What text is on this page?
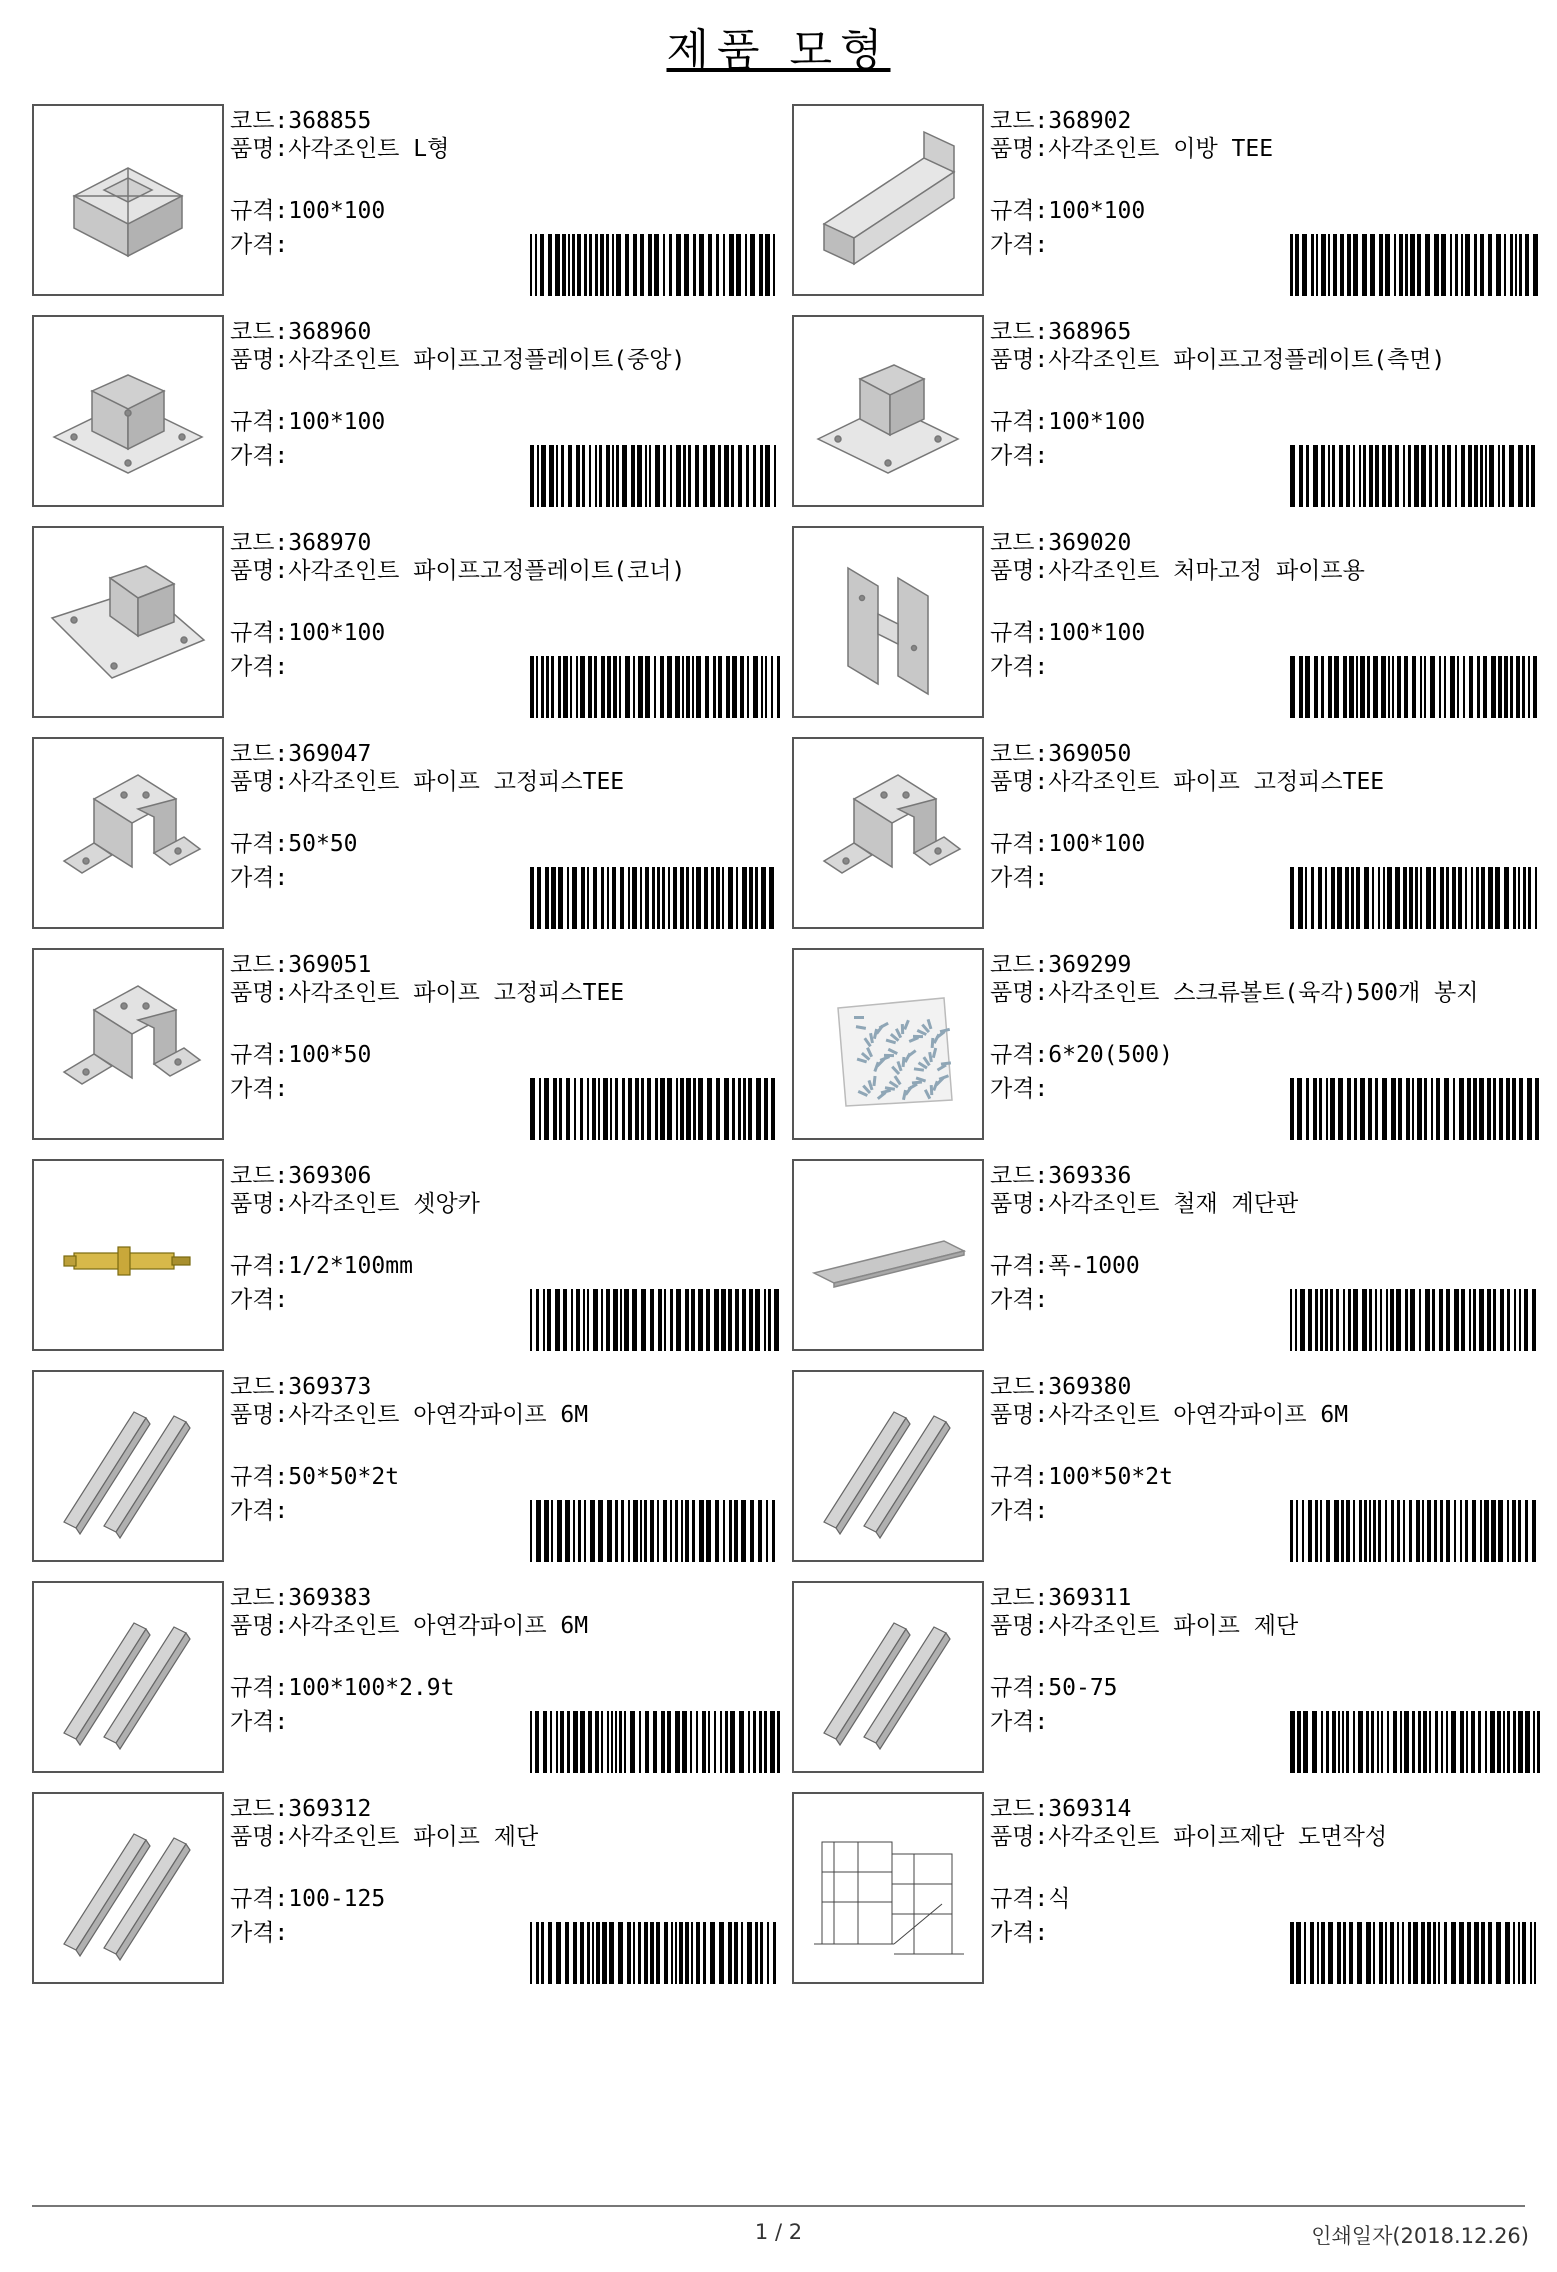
제품 모형
코드:368855
품명:사각조인트 L형
규격:100*100
가격:
코드:368902
품명:사각조인트 이방 TEE
규격:100*100
가격:
코드:368960
품명:사각조인트 파이프고정플레이트(중앙)
규격:100*100
가격:
코드:368965
품명:사각조인트 파이프고정플레이트(측면)
규격:100*100
가격:
코드:368970
품명:사각조인트 파이프고정플레이트(코너)
규격:100*100
가격:
코드:369020
품명:사각조인트 처마고정 파이프용
규격:100*100
가격:
코드:369047
품명:사각조인트 파이프 고정피스TEE
규격:50*50
가격:
코드:369050
품명:사각조인트 파이프 고정피스TEE
규격:100*100
가격:
코드:369051
품명:사각조인트 파이프 고정피스TEE
규격:100*50
가격:
코드:369299
품명:사각조인트 스크류볼트(육각)500개 봉지
규격:6*20(500)
가격:
코드:369306
품명:사각조인트 셋앙카
규격:1/2*100mm
가격:
코드:369336
품명:사각조인트 철재 계단판
규격:폭-1000
가격:
코드:369373
품명:사각조인트 아연각파이프 6M
규격:50*50*2t
가격:
코드:369380
품명:사각조인트 아연각파이프 6M
규격:100*50*2t
가격:
코드:369383
품명:사각조인트 아연각파이프 6M
규격:100*100*2.9t
가격:
코드:369311
품명:사각조인트 파이프 제단
규격:50-75
가격:
코드:369312
품명:사각조인트 파이프 제단
규격:100-125
가격:
코드:369314
품명:사각조인트 파이프제단 도면작성
규격:식
가격:
1 / 2	인쇄일자(2018.12.26)
